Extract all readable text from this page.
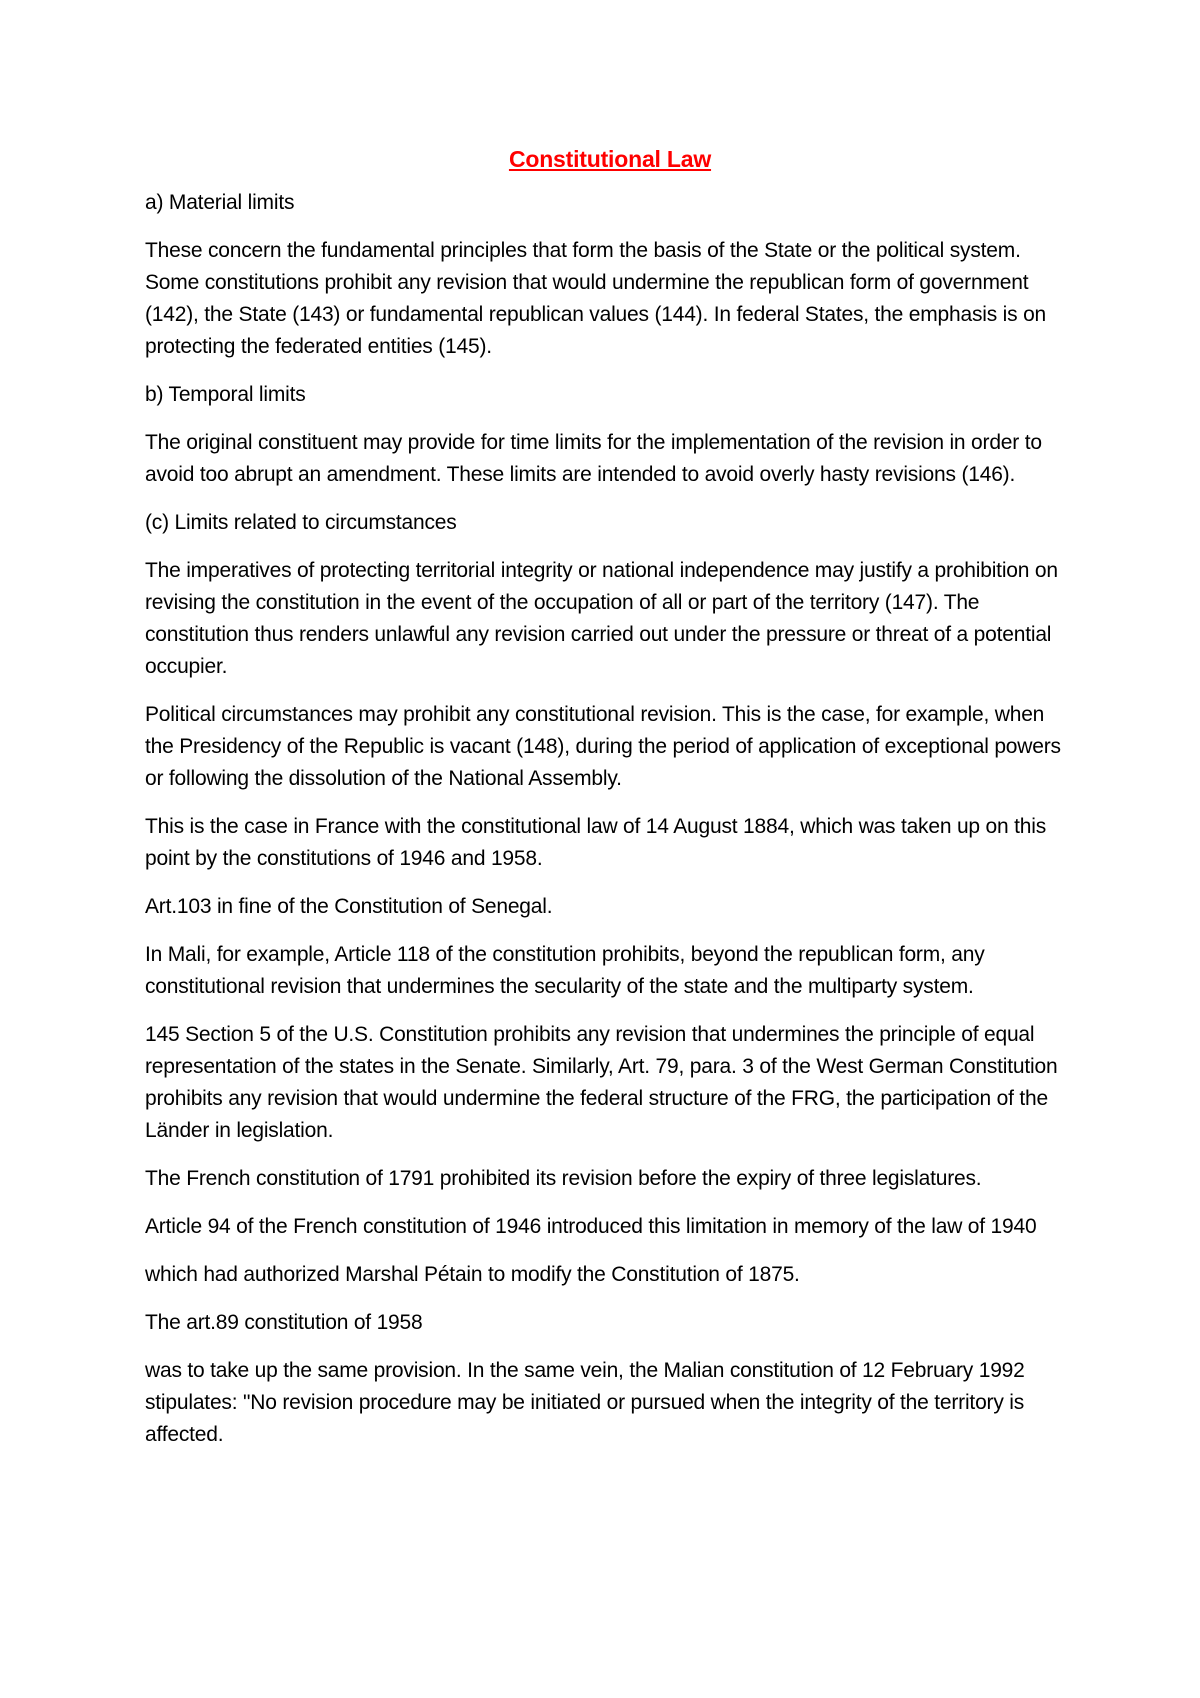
Constitutional Law

a) Material limits

These concern the fundamental principles that form the basis of the State or the political system. Some constitutions prohibit any revision that would undermine the republican form of government (142), the State (143) or fundamental republican values (144). In federal States, the emphasis is on protecting the federated entities (145).

b) Temporal limits

The original constituent may provide for time limits for the implementation of the revision in order to avoid too abrupt an amendment. These limits are intended to avoid overly hasty revisions (146).

(c) Limits related to circumstances

The imperatives of protecting territorial integrity or national independence may justify a prohibition on revising the constitution in the event of the occupation of all or part of the territory (147). The constitution thus renders unlawful any revision carried out under the pressure or threat of a potential occupier.

Political circumstances may prohibit any constitutional revision. This is the case, for example, when the Presidency of the Republic is vacant (148), during the period of application of exceptional powers or following the dissolution of the National Assembly.

This is the case in France with the constitutional law of 14 August 1884, which was taken up on this point by the constitutions of 1946 and 1958.

Art.103 in fine of the Constitution of Senegal.

In Mali, for example, Article 118 of the constitution prohibits, beyond the republican form, any constitutional revision that undermines the secularity of the state and the multiparty system.

145 Section 5 of the U.S. Constitution prohibits any revision that undermines the principle of equal representation of the states in the Senate. Similarly, Art. 79, para. 3 of the West German Constitution prohibits any revision that would undermine the federal structure of the FRG, the participation of the Länder in legislation.

The French constitution of 1791 prohibited its revision before the expiry of three legislatures.

Article 94 of the French constitution of 1946 introduced this limitation in memory of the law of 1940

which had authorized Marshal Pétain to modify the Constitution of 1875.

The art.89 constitution of 1958

was to take up the same provision. In the same vein, the Malian constitution of 12 February 1992 stipulates: "No revision procedure may be initiated or pursued when the integrity of the territory is affected.
